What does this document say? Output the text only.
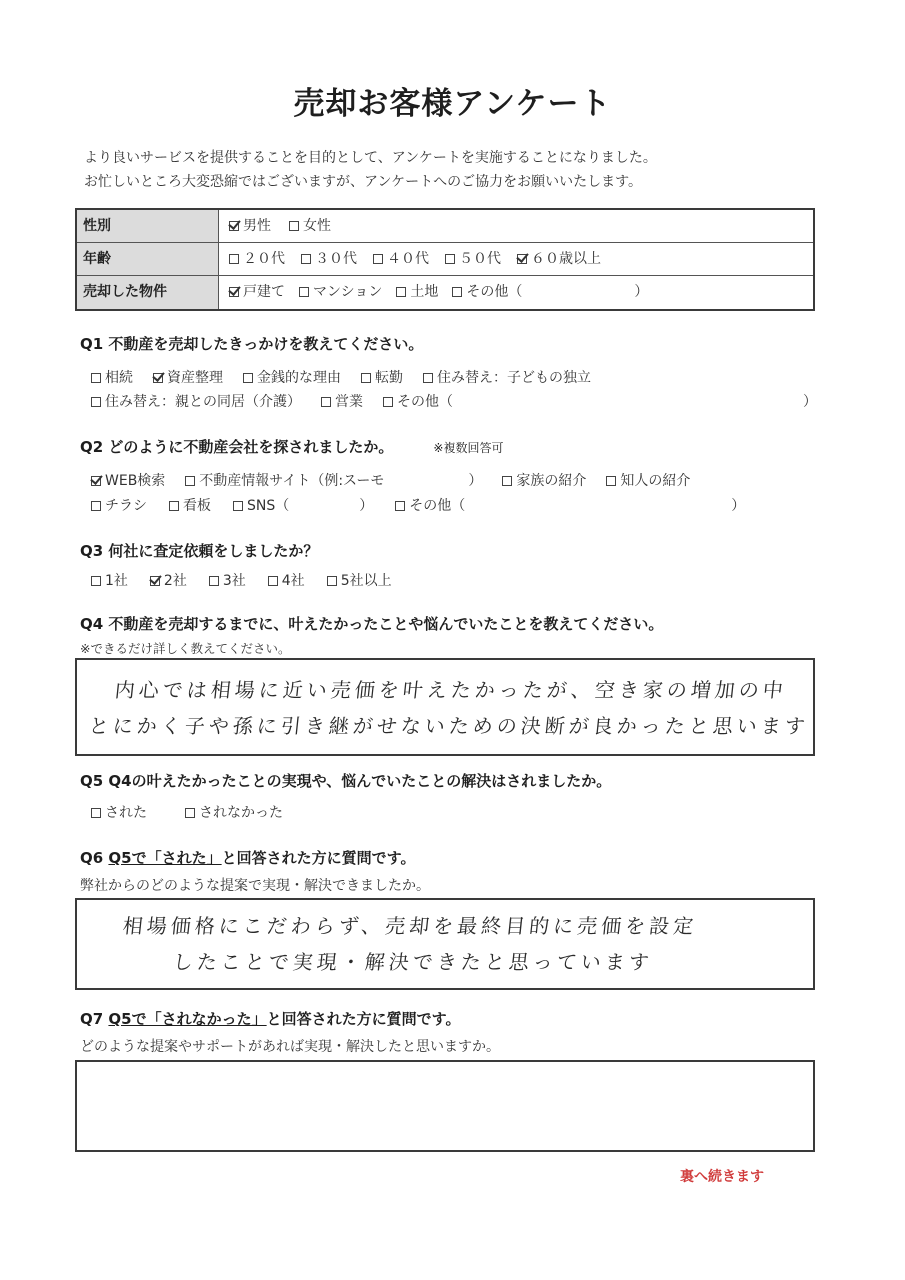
売却お客様アンケート
より良いサービスを提供することを目的として、アンケートを実施することになりました。
お忙しいところ大変恐縮ではございますが、アンケートへのご協力をお願いいたします。
性別	男性 女性
年齢	２０代 ３０代 ４０代 ５０代 ６０歳以上
売却した物件	戸建て マンション 土地 その他（　　　　　　　　）
Q1 不動産を売却したきっかけを教えてください。
相続 資産整理 金銭的な理由 転勤 住み替え：子どもの独立
住み替え：親との同居（介護） 営業 その他（　　　　　　　　　　　　　　　　　　　　　　　　　）
Q2 どのように不動産会社を探されましたか。	※複数回答可
WEB検索 不動産情報サイト（例:スーモ　　　　　　） 家族の紹介 知人の紹介
チラシ	看板	SNS（　　　　　）	その他（　　　　　　　　　　　　　　　　　　　）
Q3 何社に査定依頼をしましたか？
1社	2社	3社	4社	5社以上
Q4 不動産を売却するまでに、叶えたかったことや悩んでいたことを教えてください。
※できるだけ詳しく教えてください。
内心では相場に近い売価を叶えたかったが、空き家の増加の中
とにかく子や孫に引き継がせないための決断が良かったと思います
Q5 Q4の叶えたかったことの実現や、悩んでいたことの解決はされましたか。
された	されなかった
Q6 Q5で「された」と回答された方に質問です。
弊社からのどのような提案で実現・解決できましたか。
相場価格にこだわらず、売却を最終目的に売価を設定
したことで実現・解決できたと思っています
Q7 Q5で「されなかった」と回答された方に質問です。
どのような提案やサポートがあれば実現・解決したと思いますか。
裏へ続きます
